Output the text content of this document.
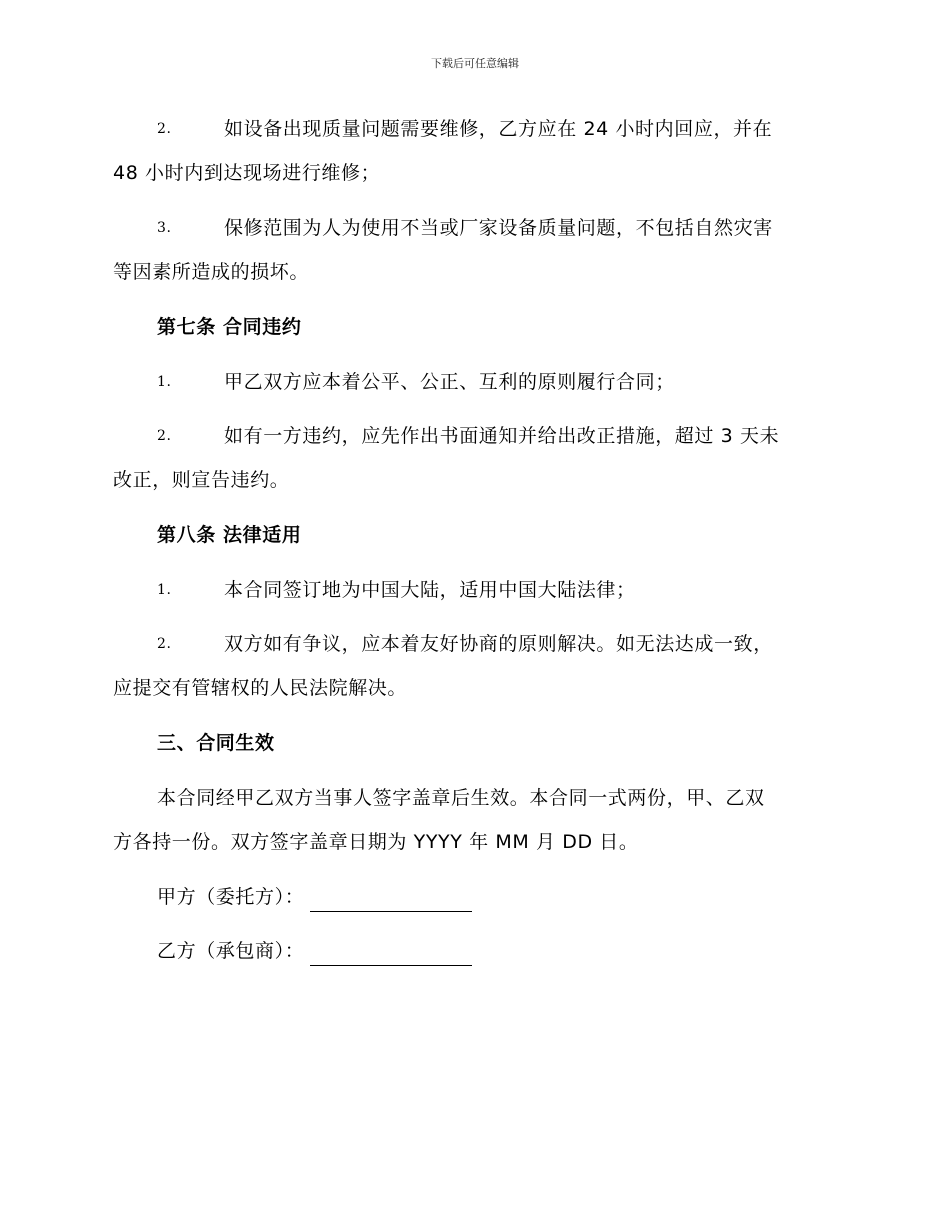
下载后可任意编辑
2.	如设备出现质量问题需要维修，乙方应在 24 小时内回应，并在
48 小时内到达现场进行维修；
3.	保修范围为人为使用不当或厂家设备质量问题，不包括自然灾害
等因素所造成的损坏。
第七条 合同违约
1.	甲乙双方应本着公平、公正、互利的原则履行合同；
2.	如有一方违约，应先作出书面通知并给出改正措施，超过 3 天未
改正，则宣告违约。
第八条 法律适用
1.	本合同签订地为中国大陆，适用中国大陆法律；
2.	双方如有争议，应本着友好协商的原则解决。如无法达成一致，
应提交有管辖权的人民法院解决。
三、合同生效
本合同经甲乙双方当事人签字盖章后生效。本合同一式两份，甲、乙双
方各持一份。双方签字盖章日期为 YYYY 年 MM 月 DD 日。
甲方（委托方）：
乙方（承包商）：
